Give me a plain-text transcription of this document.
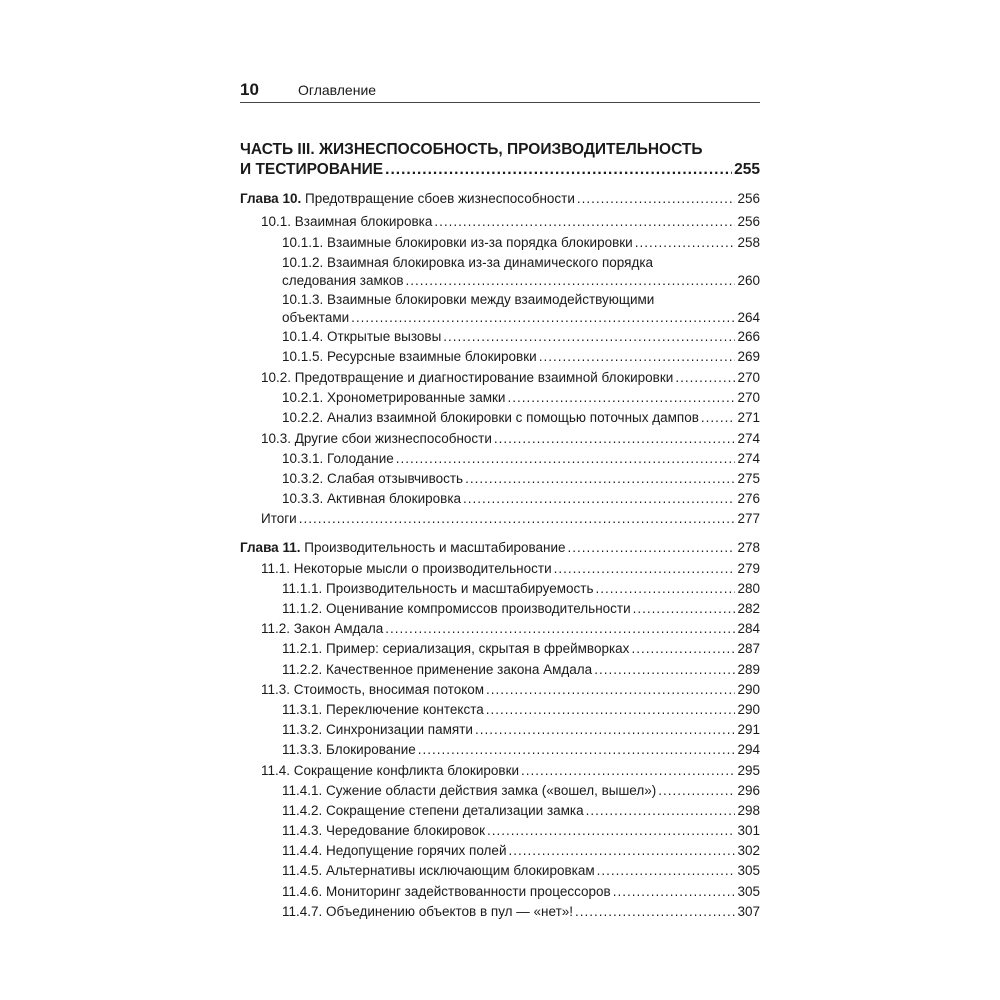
10	Оглавление
ЧАСТЬ III. ЖИЗНЕСПОСОБНОСТЬ, ПРОИЗВОДИТЕЛЬНОСТЬ
И ТЕСТИРОВАНИЕ .....	255
Глава 10. Предотвращение сбоев жизнеспособности .....	256
10.1. Взаимная блокировка .....	256
10.1.1. Взаимные блокировки из-за порядка блокировки .....	258
10.1.2. Взаимная блокировка из-за динамического порядка
следования замков .....	260
10.1.3. Взаимные блокировки между взаимодействующими
объектами .....	264
10.1.4. Открытые вызовы .....	266
10.1.5. Ресурсные взаимные блокировки .....	269
10.2. Предотвращение и диагностирование взаимной блокировки .....	270
10.2.1. Хронометрированные замки .....	270
10.2.2. Анализ взаимной блокировки с помощью поточных дампов .....	271
10.3. Другие сбои жизнеспособности .....	274
10.3.1. Голодание .....	274
10.3.2. Слабая отзывчивость .....	275
10.3.3. Активная блокировка .....	276
Итоги .....	277
Глава 11. Производительность и масштабирование .....	278
11.1. Некоторые мысли о производительности .....	279
11.1.1. Производительность и масштабируемость .....	280
11.1.2. Оценивание компромиссов производительности .....	282
11.2. Закон Амдала .....	284
11.2.1. Пример: сериализация, скрытая в фреймворках .....	287
11.2.2. Качественное применение закона Амдала .....	289
11.3. Стоимость, вносимая потоком .....	290
11.3.1. Переключение контекста .....	290
11.3.2. Синхронизации памяти .....	291
11.3.3. Блокирование .....	294
11.4. Сокращение конфликта блокировки .....	295
11.4.1. Сужение области действия замка («вошел, вышел») .....	296
11.4.2. Сокращение степени детализации замка .....	298
11.4.3. Чередование блокировок .....	301
11.4.4. Недопущение горячих полей .....	302
11.4.5. Альтернативы исключающим блокировкам .....	305
11.4.6. Мониторинг задействованности процессоров .....	305
11.4.7. Объединению объектов в пул — «нет»! .....	307
